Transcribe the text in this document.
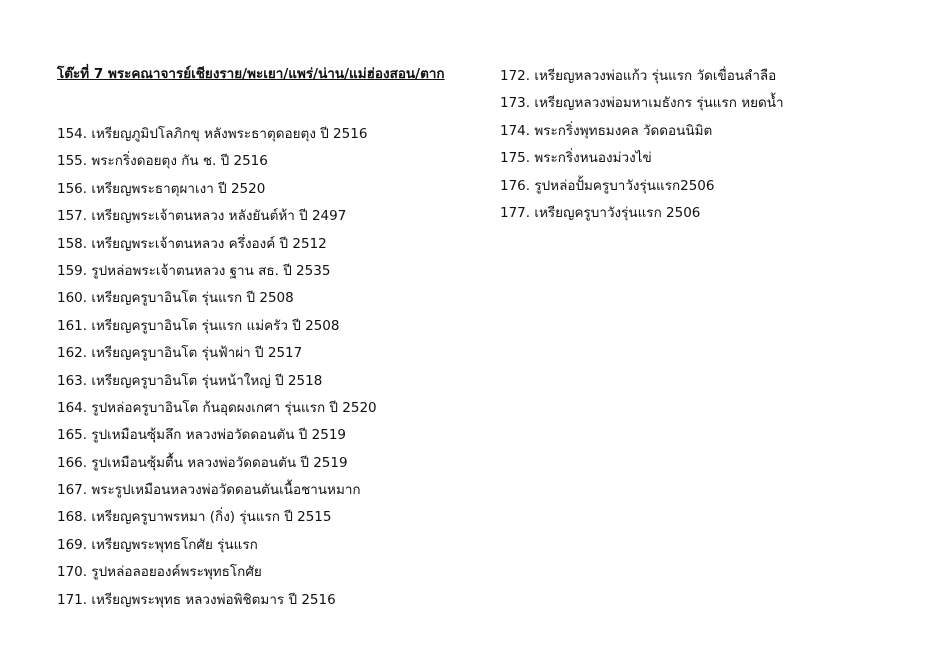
โต๊ะที่ 7 พระคณาจารย์เชียงราย/พะเยา/แพร่/น่าน/แม่ฮ่องสอน/ตาก
154. เหรียญภูมิปโลภิกขุ หลังพระธาตุดอยตุง ปี 2516
155. พระกริ่งดอยตุง กัน ช. ปี 2516
156. เหรียญพระธาตุผาเงา ปี 2520
157. เหรียญพระเจ้าตนหลวง หลังยันต์ห้า ปี 2497
158. เหรียญพระเจ้าตนหลวง ครึ่งองค์ ปี 2512
159. รูปหล่อพระเจ้าตนหลวง ฐาน สธ. ปี 2535
160. เหรียญครูบาอินโต รุ่นแรก ปี 2508
161. เหรียญครูบาอินโต รุ่นแรก แม่ครัว ปี 2508
162. เหรียญครูบาอินโต รุ่นฟ้าผ่า ปี 2517
163. เหรียญครูบาอินโต รุ่นหน้าใหญ่ ปี 2518
164. รูปหล่อครูบาอินโต ก้นอุดผงเกศา รุ่นแรก ปี 2520
165. รูปเหมือนซุ้มลึก หลวงพ่อวัดดอนตัน ปี 2519
166. รูปเหมือนซุ้มตื้น หลวงพ่อวัดดอนตัน ปี 2519
167. พระรูปเหมือนหลวงพ่อวัดดอนตันเนื้อชานหมาก
168. เหรียญครูบาพรหมา (กิ่ง) รุ่นแรก ปี 2515
169. เหรียญพระพุทธโกศัย รุ่นแรก
170. รูปหล่อลอยองค์พระพุทธโกศัย
171. เหรียญพระพุทธ หลวงพ่อพิชิตมาร ปี 2516
172. เหรียญหลวงพ่อแก้ว รุ่นแรก วัดเขื่อนลำลือ
173. เหรียญหลวงพ่อมหาเมธังกร รุ่นแรก หยดน้ำ
174. พระกริ่งพุทธมงคล วัดดอนนิมิต
175. พระกริ่งหนองม่วงไข่
176. รูปหล่อปั้มครูบาวังรุ่นแรก2506
177. เหรียญครูบาวังรุ่นแรก 2506
